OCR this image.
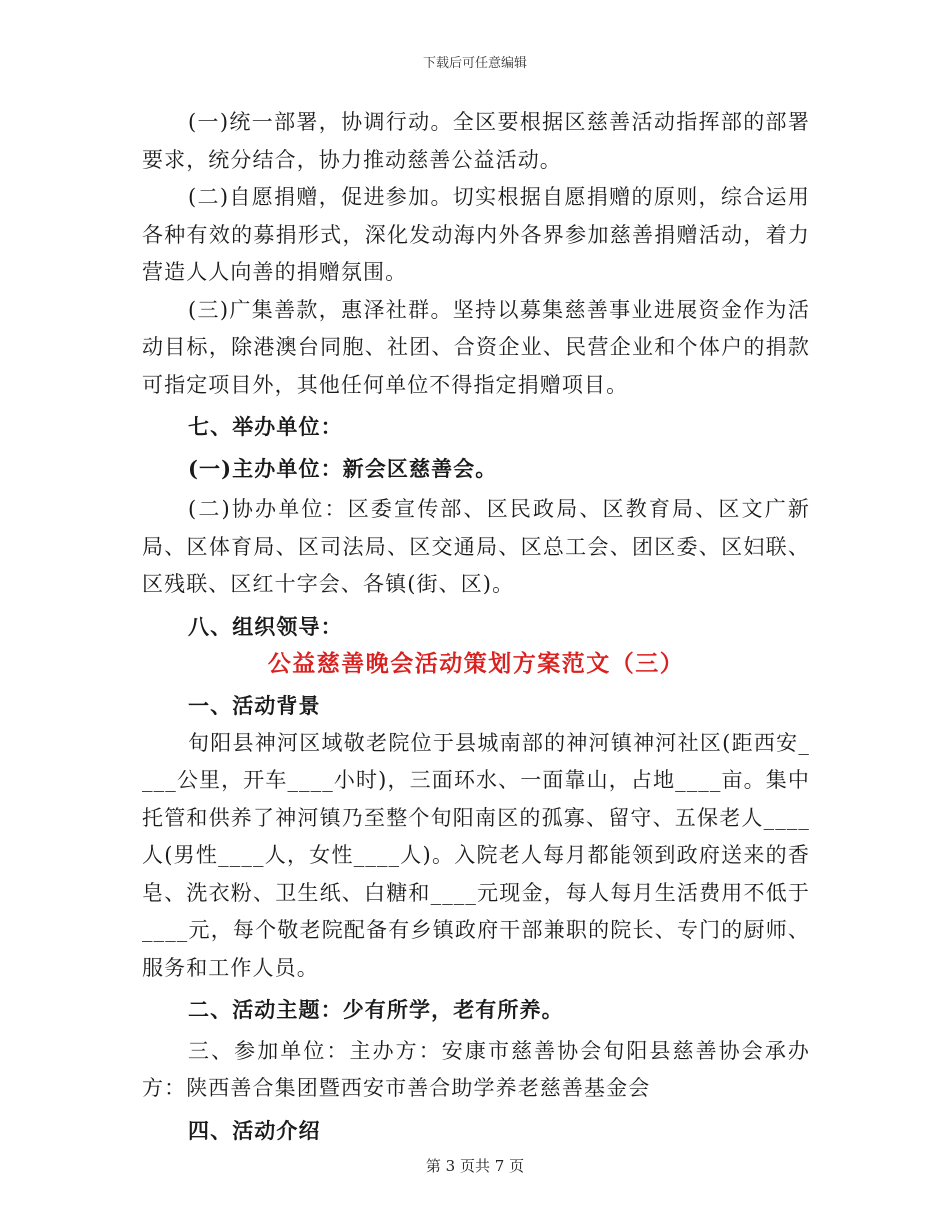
下载后可任意编辑

(一)统一部署，协调行动。全区要根据区慈善活动指挥部的部署要求，统分结合，协力推动慈善公益活动。

(二)自愿捐赠，促进参加。切实根据自愿捐赠的原则，综合运用各种有效的募捐形式，深化发动海内外各界参加慈善捐赠活动，着力营造人人向善的捐赠氛围。

(三)广集善款，惠泽社群。坚持以募集慈善事业进展资金作为活动目标，除港澳台同胞、社团、合资企业、民营企业和个体户的捐款可指定项目外，其他任何单位不得指定捐赠项目。

七、举办单位：

(一)主办单位：新会区慈善会。

(二)协办单位：区委宣传部、区民政局、区教育局、区文广新局、区体育局、区司法局、区交通局、区总工会、团区委、区妇联、区残联、区红十字会、各镇(街、区)。

八、组织领导：

公益慈善晚会活动策划方案范文（三）

一、活动背景

旬阳县神河区域敬老院位于县城南部的神河镇神河社区(距西安____公里，开车____小时)，三面环水、一面靠山，占地____亩。集中托管和供养了神河镇乃至整个旬阳南区的孤寡、留守、五保老人____人(男性____人，女性____人)。入院老人每月都能领到政府送来的香皂、洗衣粉、卫生纸、白糖和____元现金，每人每月生活费用不低于____元，每个敬老院配备有乡镇政府干部兼职的院长、专门的厨师、服务和工作人员。

二、活动主题：少有所学，老有所养。

三、参加单位：主办方：安康市慈善协会旬阳县慈善协会承办方：陕西善合集团暨西安市善合助学养老慈善基金会

四、活动介绍

第 3 页共 7 页
